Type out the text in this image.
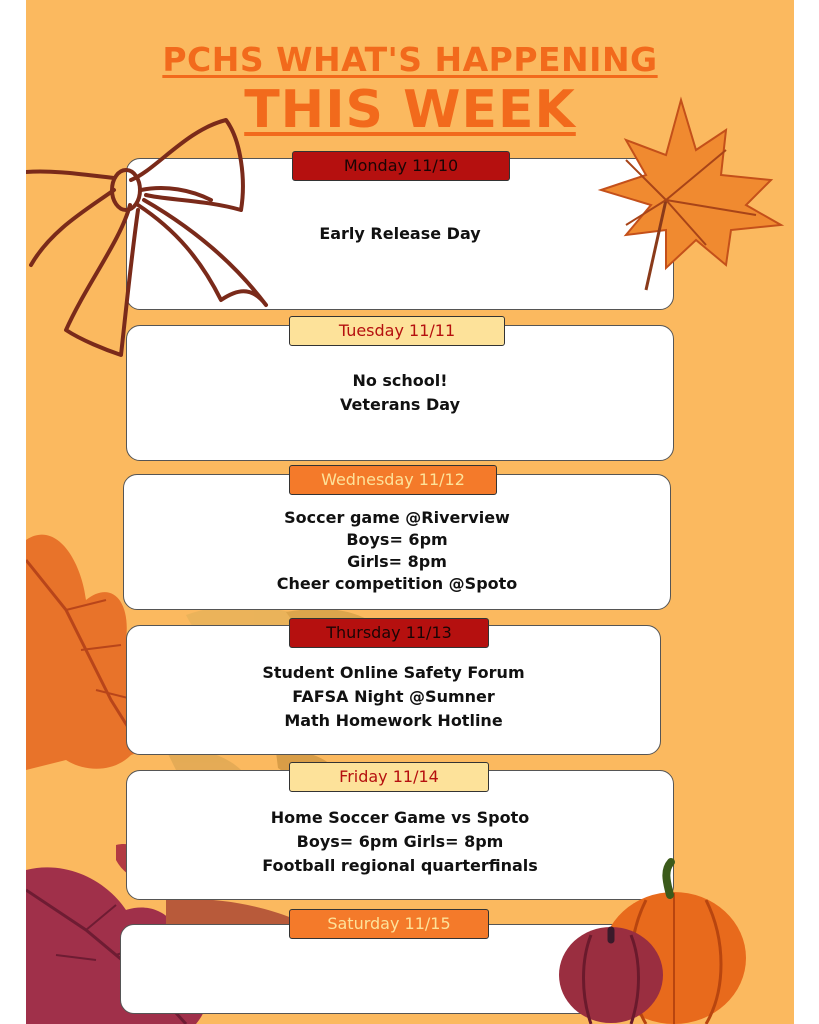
PCHS WHAT'S HAPPENING
THIS WEEK
Early Release Day
No school!
Veterans Day
Soccer game @Riverview
Boys= 6pm
Girls= 8pm
Cheer competition @Spoto
Student Online Safety Forum
FAFSA Night @Sumner
Math Homework Hotline
Home Soccer Game vs Spoto
Boys= 6pm Girls= 8pm
Football regional quarterfinals
Monday 11/10
Tuesday 11/11
Wednesday 11/12
Thursday 11/13
Friday 11/14
Saturday 11/15
